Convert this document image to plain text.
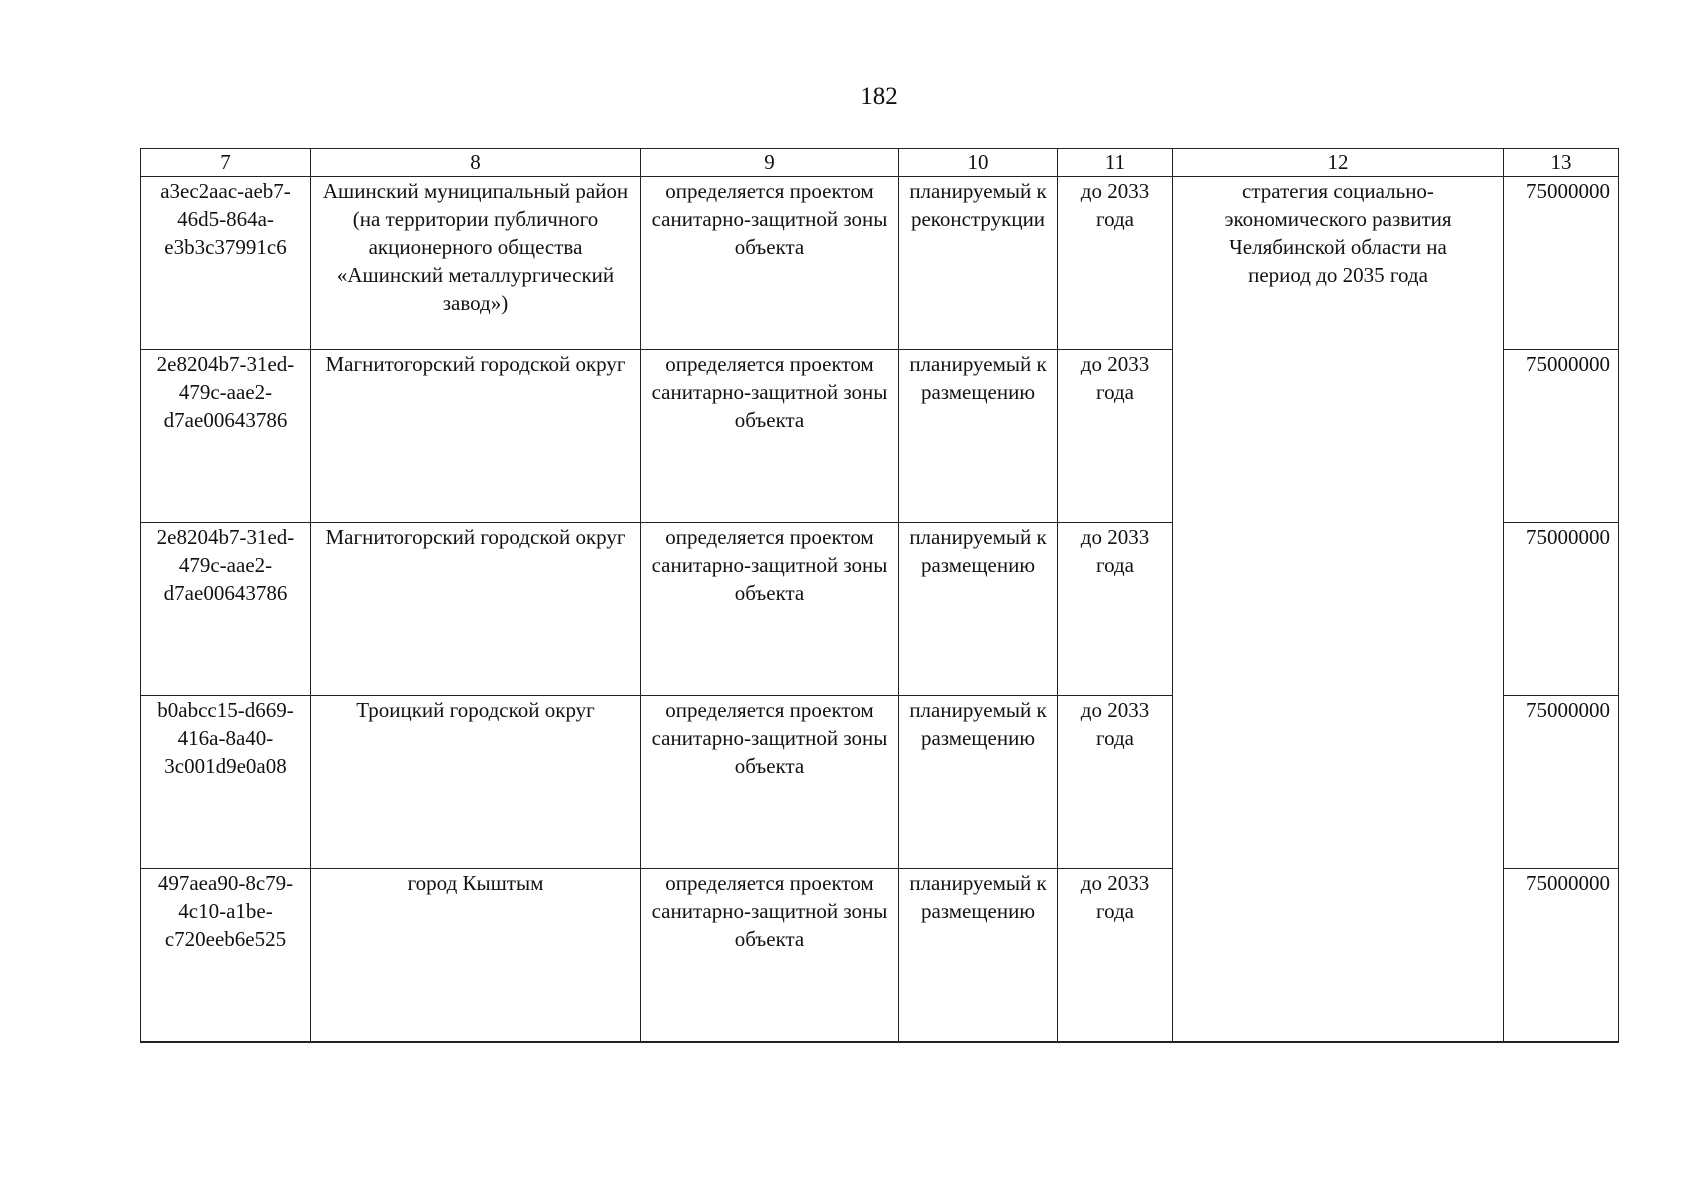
182
7	8	9	10	11	12	13
a3ec2aac-aeb7-46d5-864a-e3b3c37991c6	Ашинский муниципальный район (на территории публичного акционерного общества «Ашинский металлургический завод»)	определяется проектом санитарно-защитной зоны объекта	планируемый к реконструкции	до 2033 года	стратегия социально-экономического развития Челябинской области на период до 2035 года	75000000
2e8204b7-31ed-479c-aae2-d7ae00643786	Магнитогорский городской округ	определяется проектом санитарно-защитной зоны объекта	планируемый к размещению	до 2033 года		75000000
2e8204b7-31ed-479c-aae2-d7ae00643786	Магнитогорский городской округ	определяется проектом санитарно-защитной зоны объекта	планируемый к размещению	до 2033 года		75000000
b0abcc15-d669-416a-8a40-3c001d9e0a08	Троицкий городской округ	определяется проектом санитарно-защитной зоны объекта	планируемый к размещению	до 2033 года		75000000
497aea90-8c79-4c10-a1be-c720eeb6e525	город Кыштым	определяется проектом санитарно-защитной зоны объекта	планируемый к размещению	до 2033 года		75000000
